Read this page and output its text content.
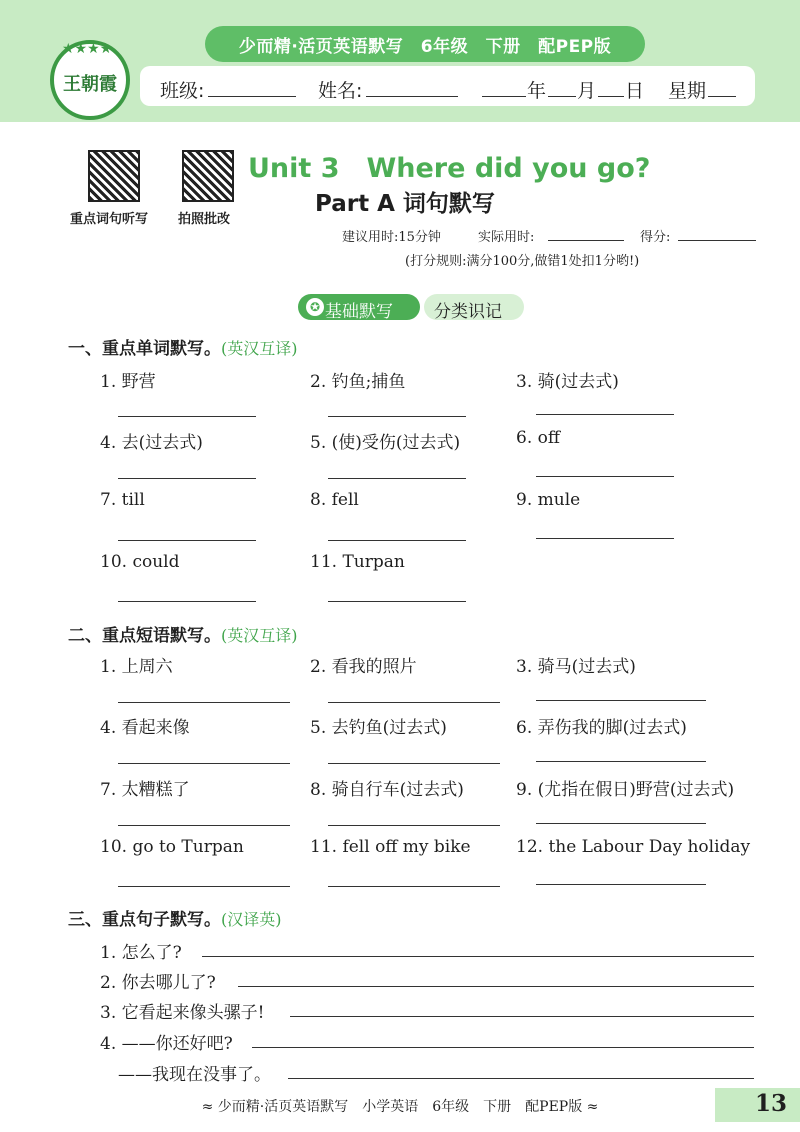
少而精·活页英语默写　6年级　下册　配PEP版
★★★★
王朝霞 班级:	姓名:	年 月 日 星期
重点词句听写 拍照批改
Unit 3　Where did you go?
Part A 词句默写
建议用时:15分钟	实际用时:	得分:
(打分规则:满分100分,做错1处扣1分哟!)
✪ 基础默写 分类识记
一、重点单词默写。(英汉互译)
1. 野营	2. 钓鱼;捕鱼	3. 骑(过去式)
4. 去(过去式)	5. (使)受伤(过去式)	6. off
7. till	8. fell	9. mule
10. could	11. Turpan
二、重点短语默写。(英汉互译)
1. 上周六	2. 看我的照片	3. 骑马(过去式)
4. 看起来像	5. 去钓鱼(过去式)	6. 弄伤我的脚(过去式)
7. 太糟糕了	8. 骑自行车(过去式)	9. (尤指在假日)野营(过去式)
10. go to Turpan	11. fell off my bike	12. the Labour Day holiday
三、重点句子默写。(汉译英)
1. 怎么了?
2. 你去哪儿了?
3. 它看起来像头骡子!
4. ——你还好吧?
——我现在没事了。
≈ 少而精·活页英语默写　小学英语　6年级　下册　配PEP版 ≈	13
